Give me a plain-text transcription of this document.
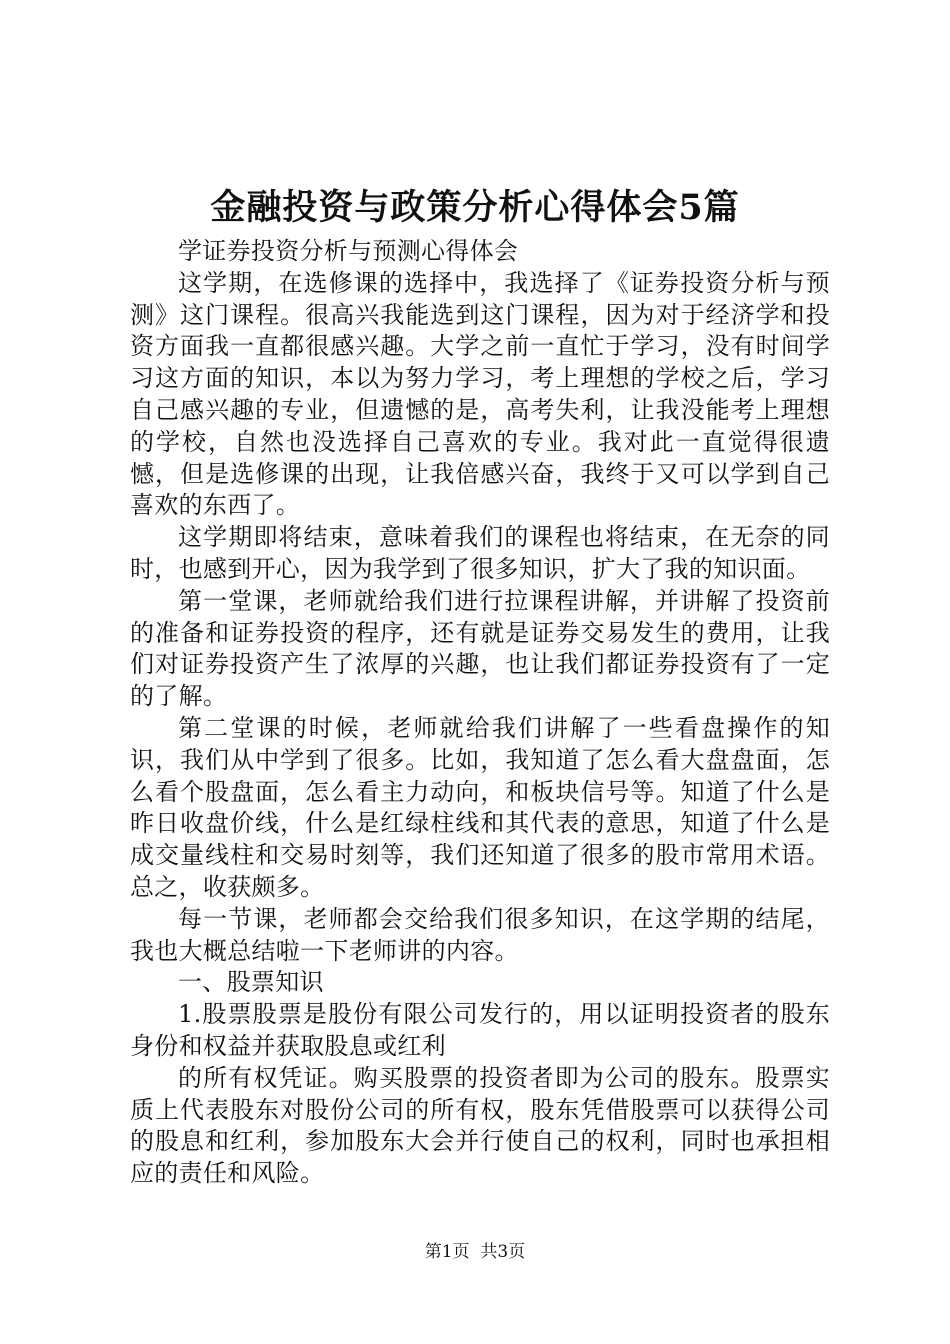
金融投资与政策分析心得体会5篇

学证券投资分析与预测心得体会

这学期，在选修课的选择中，我选择了《证券投资分析与预测》这门课程。很高兴我能选到这门课程，因为对于经济学和投资方面我一直都很感兴趣。大学之前一直忙于学习，没有时间学习这方面的知识，本以为努力学习，考上理想的学校之后，学习自己感兴趣的专业，但遗憾的是，高考失利，让我没能考上理想的学校，自然也没选择自己喜欢的专业。我对此一直觉得很遗憾，但是选修课的出现，让我倍感兴奋，我终于又可以学到自己喜欢的东西了。

这学期即将结束，意味着我们的课程也将结束，在无奈的同时，也感到开心，因为我学到了很多知识，扩大了我的知识面。

第一堂课，老师就给我们进行拉课程讲解，并讲解了投资前的准备和证券投资的程序，还有就是证券交易发生的费用，让我们对证券投资产生了浓厚的兴趣，也让我们都证券投资有了一定的了解。

第二堂课的时候，老师就给我们讲解了一些看盘操作的知识，我们从中学到了很多。比如，我知道了怎么看大盘盘面，怎么看个股盘面，怎么看主力动向，和板块信号等。知道了什么是昨日收盘价线，什么是红绿柱线和其代表的意思，知道了什么是成交量线柱和交易时刻等，我们还知道了很多的股市常用术语。总之，收获颇多。

每一节课，老师都会交给我们很多知识，在这学期的结尾，我也大概总结啦一下老师讲的内容。

一、股票知识

1.股票股票是股份有限公司发行的，用以证明投资者的股东身份和权益并获取股息或红利

的所有权凭证。购买股票的投资者即为公司的股东。股票实质上代表股东对股份公司的所有权，股东凭借股票可以获得公司的股息和红利，参加股东大会并行使自己的权利，同时也承担相应的责任和风险。

第1页 共3页
